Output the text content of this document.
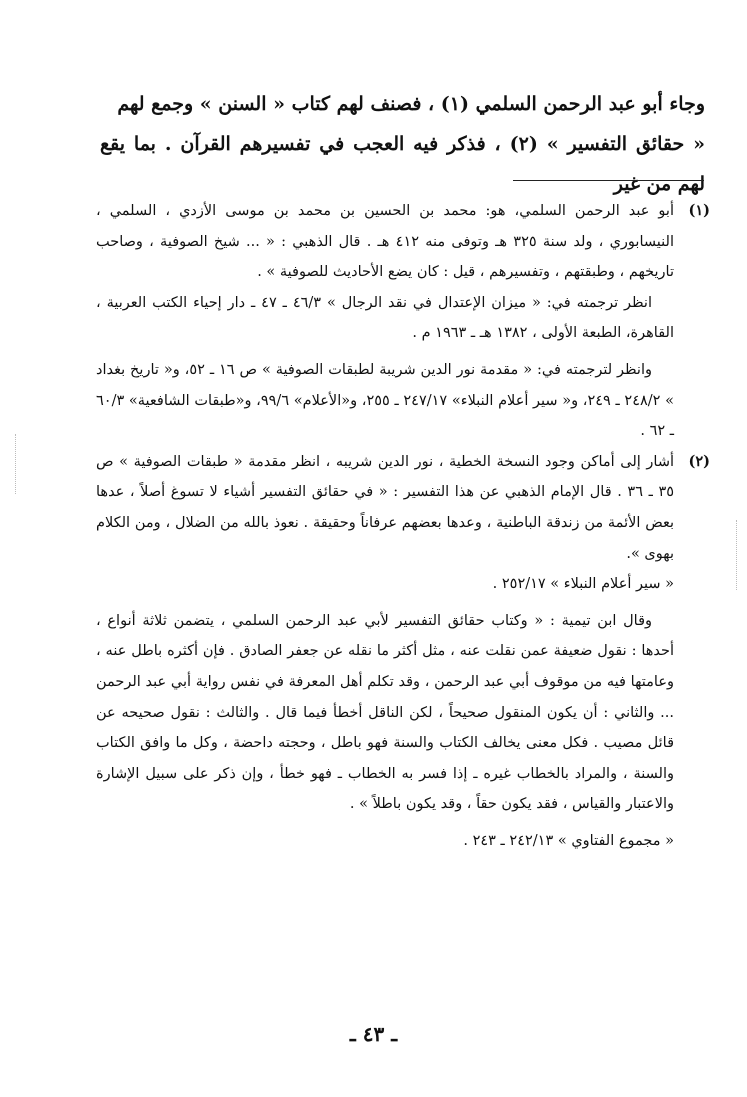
وجاء أبو عبد الرحمن السلمي (١) ، فصنف لهم كتاب « السنن » وجمع لهم

« حقائق التفسير » (٢) ، فذكر فيه العجب في تفسيرهم القرآن . بما يقع لهم من غير

(١)

أبو عبد الرحمن السلمي، هو: محمد بن الحسين بن محمد بن موسى الأزدي ، السلمي ، النيسابوري ، ولد سنة ٣٢٥ هـ وتوفى منه ٤١٢ هـ . قال الذهبي : « ... شيخ الصوفية ، وصاحب تاريخهم ، وطبقتهم ، وتفسيرهم ، قيل : كان يضع الأحاديث للصوفية » .

انظر ترجمته في: « ميزان الإعتدال في نقد الرجال » ٤٦/٣ ـ ٤٧ ـ دار إحياء الكتب العربية ، القاهرة، الطبعة الأولى ، ١٣٨٢ هـ ـ ١٩٦٣ م .

وانظر لترجمته في: « مقدمة نور الدين شريبة لطبقات الصوفية » ص ١٦ ـ ٥٢، و« تاريخ بغداد » ٢٤٨/٢ ـ ٢٤٩، و« سير أعلام النبلاء» ٢٤٧/١٧ ـ ٢٥٥، و«الأعلام» ٩٩/٦، و«طبقات الشافعية» ٦٠/٣ ـ ٦٢ .

(٢)

أشار إلى أماكن وجود النسخة الخطية ، نور الدين شريبه ، انظر مقدمة « طبقات الصوفية » ص ٣٥ ـ ٣٦ . قال الإمام الذهبي عن هذا التفسير : « في حقائق التفسير أشياء لا تسوغ أصلاً ، عدها بعض الأئمة من زندقة الباطنية ، وعدها بعضهم عرفاناً وحقيقة . نعوذ بالله من الضلال ، ومن الكلام بهوى ».

« سير أعلام النبلاء » ٢٥٢/١٧ .

وقال ابن تيمية : « وكتاب حقائق التفسير لأبي عبد الرحمن السلمي ، يتضمن ثلاثة أنواع ، أحدها : نقول ضعيفة عمن نقلت عنه ، مثل أكثر ما نقله عن جعفر الصادق . فإن أكثره باطل عنه ، وعامتها فيه من موقوف أبي عبد الرحمن ، وقد تكلم أهل المعرفة في نفس رواية أبي عبد الرحمن ... والثاني : أن يكون المنقول صحيحاً ، لكن الناقل أخطأ فيما قال . والثالث : نقول صحيحه عن قائل مصيب . فكل معنى يخالف الكتاب والسنة فهو باطل ، وحجته داحضة ، وكل ما وافق الكتاب والسنة ، والمراد بالخطاب غيره ـ إذا فسر به الخطاب ـ فهو خطأ ، وإن ذكر على سبيل الإشارة والاعتبار والقياس ، فقد يكون حقاً ، وقد يكون باطلاً » .

« مجموع الفتاوي » ٢٤٢/١٣ ـ ٢٤٣ .

ـ ٤٣ ـ
